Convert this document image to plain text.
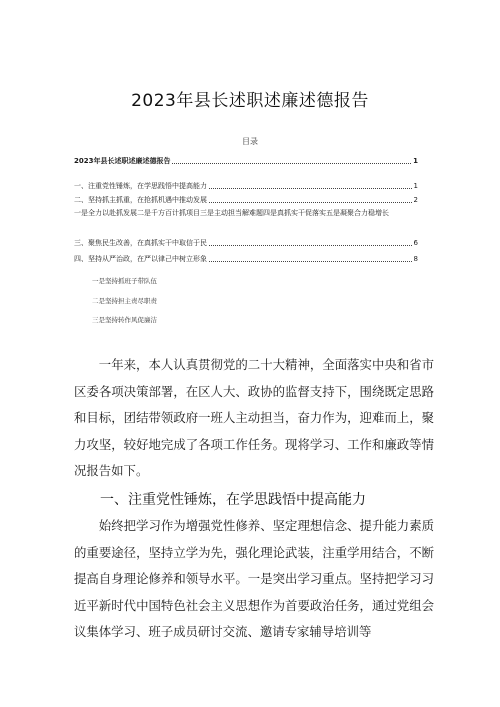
2023年县长述职述廉述德报告
目录
2023年县长述职述廉述德报告	1
一、注重党性锤炼，在学思践悟中提高能力	1
二、坚持抓主抓重，在抢抓机遇中推动发展	2
一是全力以赴抓发展二是千方百计抓项目三是主动担当解难题四是真抓实干促落实五是凝聚合力稳增长
三、聚焦民生改善，在真抓实干中取信于民	6
四、坚持从严治政，在严以律己中树立形象	8
一是坚持抓班子带队伍
二是坚持担主责尽职责
三是坚持转作风促廉洁

一年来，本人认真贯彻党的二十大精神，全面落实中央和省市区委各项决策部署，在区人大、政协的监督支持下，围绕既定思路和目标，团结带领政府一班人主动担当，奋力作为，迎难而上，聚力攻坚，较好地完成了各项工作任务。现将学习、工作和廉政等情况报告如下。

一、注重党性锤炼，在学思践悟中提高能力

始终把学习作为增强党性修养、坚定理想信念、提升能力素质的重要途径，坚持立学为先，强化理论武装，注重学用结合，不断提高自身理论修养和领导水平。一是突出学习重点。坚持把学习习近平新时代中国特色社会主义思想作为首要政治任务，通过党组会议集体学习、班子成员研讨交流、邀请专家辅导培训等
